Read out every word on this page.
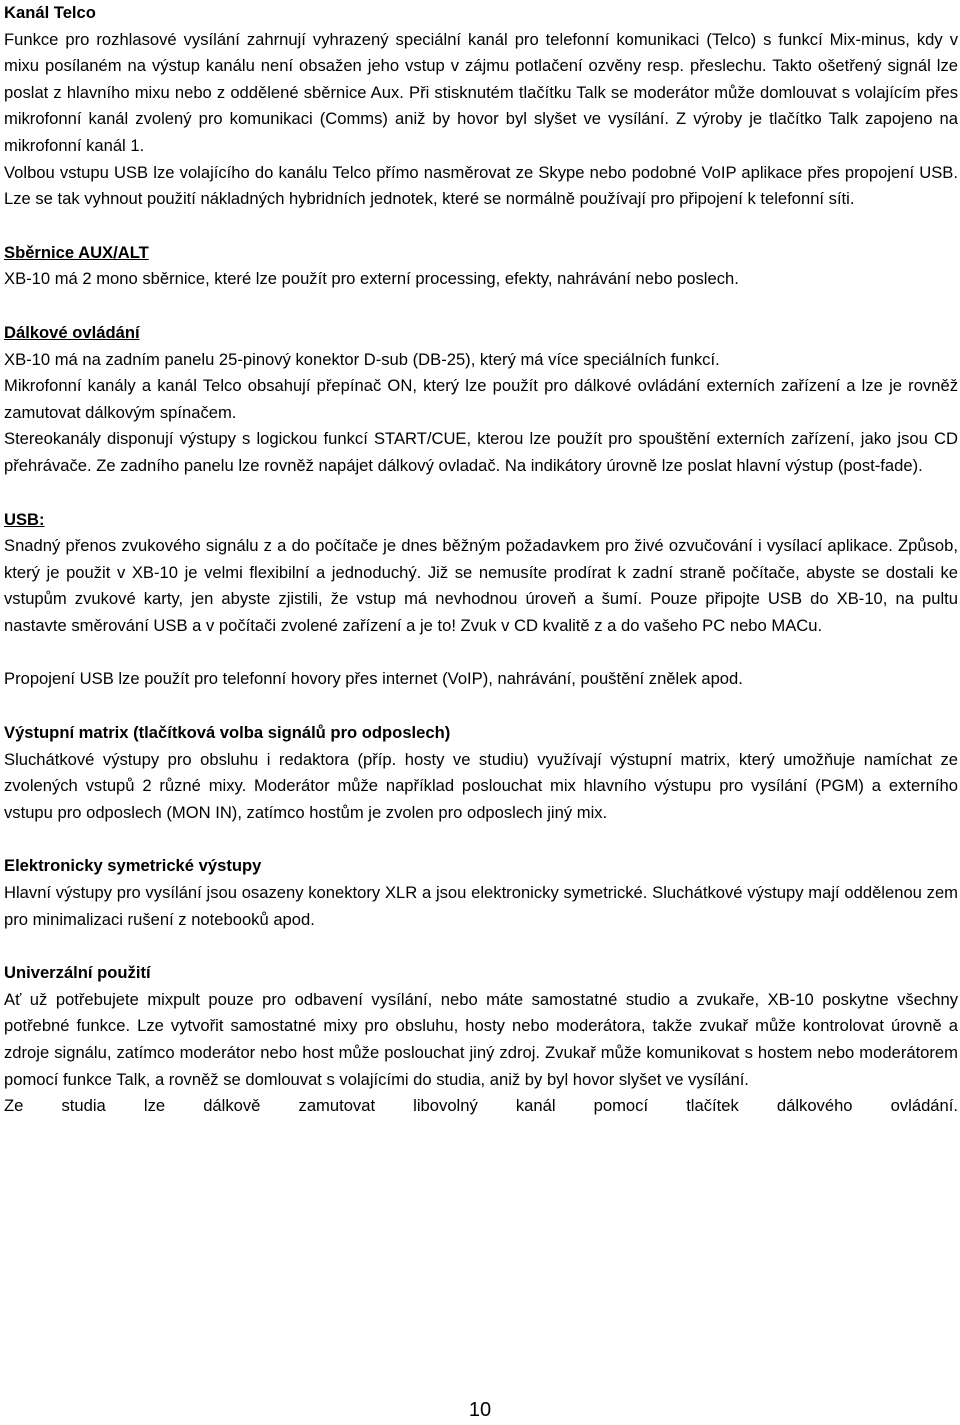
Kanál Telco

Funkce pro rozhlasové vysílání zahrnují vyhrazený speciální kanál pro telefonní komunikaci (Telco) s funkcí Mix-minus, kdy v mixu posílaném na výstup kanálu není obsažen jeho vstup v zájmu potlačení ozvěny resp. přeslechu. Takto ošetřený signál lze poslat z hlavního mixu nebo z oddělené sběrnice Aux. Při stisknutém tlačítku Talk se moderátor může domlouvat s volajícím přes mikrofonní kanál zvolený pro komunikaci (Comms) aniž by hovor byl slyšet ve vysílání. Z výroby je tlačítko Talk zapojeno na mikrofonní kanál 1.

Volbou vstupu USB lze volajícího do kanálu Telco přímo nasměrovat ze Skype nebo podobné VoIP aplikace přes propojení USB. Lze se tak vyhnout použití nákladných hybridních jednotek, které se normálně používají pro připojení k telefonní síti.

Sběrnice AUX/ALT

XB-10 má 2 mono sběrnice, které lze použít pro externí processing, efekty, nahrávání nebo poslech.

Dálkové ovládání

XB-10 má na zadním panelu 25-pinový konektor D-sub (DB-25), který má více speciálních funkcí.

Mikrofonní kanály a kanál Telco obsahují přepínač ON, který lze použít pro dálkové ovládání externích zařízení a lze je rovněž zamutovat dálkovým spínačem.

Stereokanály disponují výstupy s logickou funkcí START/CUE, kterou lze použít pro spouštění externích zařízení, jako jsou CD přehrávače. Ze zadního panelu lze rovněž napájet dálkový ovladač. Na indikátory úrovně lze poslat hlavní výstup (post-fade).

USB:

Snadný přenos zvukového signálu z a do počítače je dnes běžným požadavkem pro živé ozvučování i vysílací aplikace. Způsob, který je použit v XB-10 je velmi flexibilní a jednoduchý. Již se nemusíte prodírat k zadní straně počítače, abyste se dostali ke vstupům zvukové karty, jen abyste zjistili, že vstup má nevhodnou úroveň a šumí. Pouze připojte USB do XB-10, na pultu nastavte směrování USB a v počítači zvolené zařízení a je to! Zvuk v CD kvalitě z a do vašeho PC nebo MACu.

Propojení USB lze použít pro telefonní hovory přes internet (VoIP), nahrávání, pouštění znělek apod.

Výstupní matrix (tlačítková volba signálů pro odposlech)

Sluchátkové výstupy pro obsluhu i redaktora (příp. hosty ve studiu) využívají výstupní matrix, který umožňuje namíchat ze zvolených vstupů 2 různé mixy. Moderátor může například poslouchat mix hlavního výstupu pro vysílání (PGM) a externího vstupu pro odposlech (MON IN), zatímco hostům je zvolen pro odposlech jiný mix.

Elektronicky symetrické výstupy

Hlavní výstupy pro vysílání jsou osazeny konektory XLR a jsou elektronicky symetrické. Sluchátkové výstupy mají oddělenou zem pro minimalizaci rušení z notebooků apod.

Univerzální použití

Ať už potřebujete mixpult pouze pro odbavení vysílání, nebo máte samostatné studio a zvukaře, XB-10 poskytne všechny potřebné funkce. Lze vytvořit samostatné mixy pro obsluhu, hosty nebo moderátora, takže zvukař může kontrolovat úrovně a zdroje signálu, zatímco moderátor nebo host může poslouchat jiný zdroj. Zvukař může komunikovat s hostem nebo moderátorem pomocí funkce Talk, a rovněž se domlouvat s volajícími do studia, aniž by byl hovor slyšet ve vysílání.

Ze studia lze dálkově zamutovat libovolný kanál pomocí tlačítek dálkového ovládání.

10
